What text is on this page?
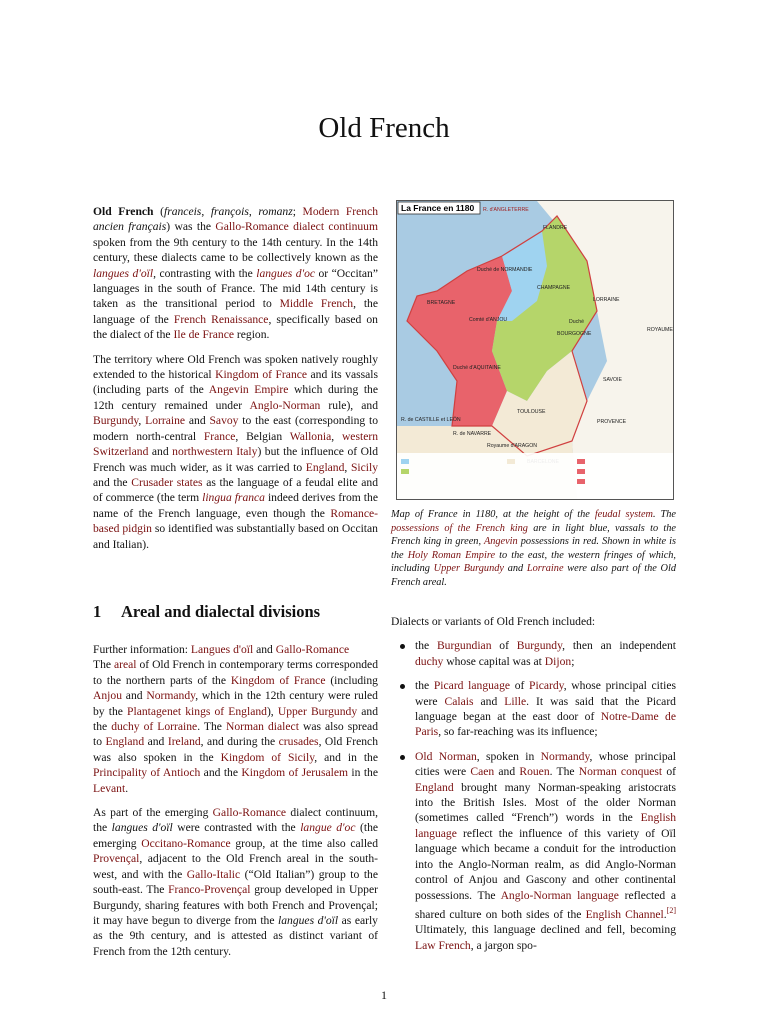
Old French

Old French (franceis, françois, romanz; Modern French ancien français) was the Gallo-Romance dialect continuum spoken from the 9th century to the 14th century. In the 14th century, these dialects came to be collectively known as the langues d'oïl, contrasting with the langues d'oc or “Occitan” languages in the south of France. The mid 14th century is taken as the transitional period to Middle French, the language of the French Renaissance, specifically based on the dialect of the Ile de France region.

The territory where Old French was spoken natively roughly extended to the historical Kingdom of France and its vassals (including parts of the Angevin Empire which during the 12th century remained under Anglo-Norman rule), and Burgundy, Lorraine and Savoy to the east (corresponding to modern north-central France, Belgian Wallonia, western Switzerland and northwestern Italy) but the influence of Old French was much wider, as it was carried to England, Sicily and the Crusader states as the language of a feudal elite and of commerce (the term lingua franca indeed derives from the name of the French language, even though the Romance-based pidgin so identified was substantially based on Occitan and Italian).

1 Areal and dialectal divisions

Further information: Langues d'oïl and Gallo-Romance

The areal of Old French in contemporary terms corresponded to the northern parts of the Kingdom of France (including Anjou and Normandy, which in the 12th century were ruled by the Plantagenet kings of England), Upper Burgundy and the duchy of Lorraine. The Norman dialect was also spread to England and Ireland, and during the crusades, Old French was also spoken in the Kingdom of Sicily, and in the Principality of Antioch and the Kingdom of Jerusalem in the Levant.

As part of the emerging Gallo-Romance dialect continuum, the langues d'oïl were contrasted with the langue d'oc (the emerging Occitano-Romance group, at the time also called Provençal, adjacent to the Old French areal in the south-west, and with the Gallo-Italic (“Old Italian”) group to the south-east. The Franco-Provençal group developed in Upper Burgundy, sharing features with both French and Provençal; it may have begun to diverge from the langues d'oïl as early as the 9th century, and is attested as distinct variant of French from the 12th century.

La France en 1180 R. d'ANGLETERRE
FLANDRE
Duché de NORMANDIE
CHAMPAGNE
BRETAGNE
Comté d'ANJOU
LORRAINE
Duché
BOURGOGNE
Duché d'AQUITAINE
TOULOUSE
R. de CASTILLE et LEÓN
R. de NAVARRE
Royaume d'ARAGON
PROVENCE
SAVOIE
ROYAUME

Map of France in 1180, at the height of the feudal system. The possessions of the French king are in light blue, vassals to the French king in green, Angevin possessions in red. Shown in white is the Holy Roman Empire to the east, the western fringes of which, including Upper Burgundy and Lorraine were also part of the Old French areal.

Dialects or variants of Old French included:

the Burgundian of Burgundy, then an independent duchy whose capital was at Dijon;
the Picard language of Picardy, whose principal cities were Calais and Lille. It was said that the Picard language began at the east door of Notre-Dame de Paris, so far-reaching was its influence;
Old Norman, spoken in Normandy, whose principal cities were Caen and Rouen. The Norman conquest of England brought many Norman-speaking aristocrats into the British Isles. Most of the older Norman (sometimes called “French”) words in the English language reflect the influence of this variety of Oïl language which became a conduit for the introduction into the Anglo-Norman realm, as did Anglo-Norman control of Anjou and Gascony and other continental possessions. The Anglo-Norman language reflected a shared culture on both sides of the English Channel.[2] Ultimately, this language declined and fell, becoming Law French, a jargon spo-
1
